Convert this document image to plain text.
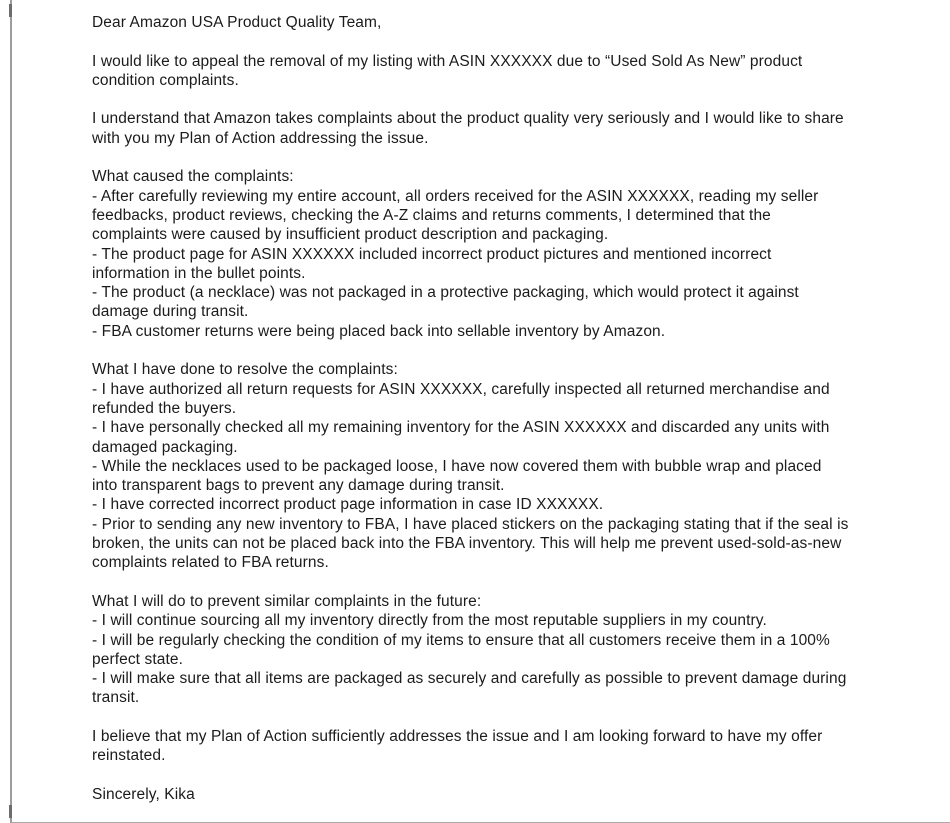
Dear Amazon USA Product Quality Team,
I would like to appeal the removal of my listing with ASIN XXXXXX due to “Used Sold As New” product
condition complaints.
I understand that Amazon takes complaints about the product quality very seriously and I would like to share
with you my Plan of Action addressing the issue.
What caused the complaints:
- After carefully reviewing my entire account, all orders received for the ASIN XXXXXX, reading my seller
feedbacks, product reviews, checking the A-Z claims and returns comments, I determined that the
complaints were caused by insufficient product description and packaging.
- The product page for ASIN XXXXXX included incorrect product pictures and mentioned incorrect
information in the bullet points.
- The product (a necklace) was not packaged in a protective packaging, which would protect it against
damage during transit.
- FBA customer returns were being placed back into sellable inventory by Amazon.
What I have done to resolve the complaints:
- I have authorized all return requests for ASIN XXXXXX, carefully inspected all returned merchandise and
refunded the buyers.
- I have personally checked all my remaining inventory for the ASIN XXXXXX and discarded any units with
damaged packaging.
- While the necklaces used to be packaged loose, I have now covered them with bubble wrap and placed
into transparent bags to prevent any damage during transit.
- I have corrected incorrect product page information in case ID XXXXXX.
- Prior to sending any new inventory to FBA, I have placed stickers on the packaging stating that if the seal is
broken, the units can not be placed back into the FBA inventory. This will help me prevent used-sold-as-new
complaints related to FBA returns.
What I will do to prevent similar complaints in the future:
- I will continue sourcing all my inventory directly from the most reputable suppliers in my country.
- I will be regularly checking the condition of my items to ensure that all customers receive them in a 100%
perfect state.
- I will make sure that all items are packaged as securely and carefully as possible to prevent damage during
transit.
I believe that my Plan of Action sufficiently addresses the issue and I am looking forward to have my offer
reinstated.
Sincerely, Kika
